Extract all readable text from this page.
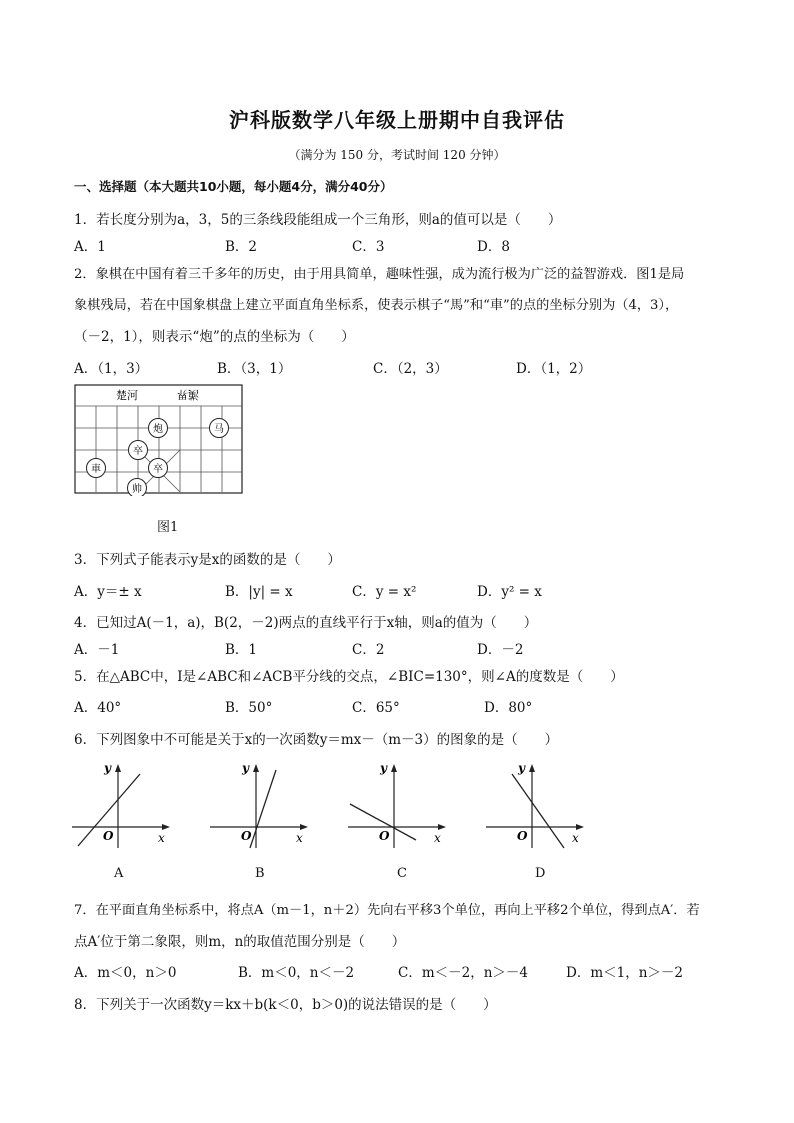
沪科版数学八年级上册期中自我评估
（满分为 150 分，考试时间 120 分钟）
一、选择题（本大题共10小题，每小题4分，满分40分）
1．若长度分别为a，3，5的三条线段能组成一个三角形，则a的值可以是（　　）
A．1	B．2	C．3	D．8
2．象棋在中国有着三千多年的历史，由于用具简单，趣味性强，成为流行极为广泛的益智游戏．图1是局
象棋残局，若在中国象棋盘上建立平面直角坐标系，使表示棋子“馬”和“車”的点的坐标分别为（4，3），
（－2，1），则表示“炮”的点的坐标为（　　）
A．（1，3）	B．（3，1）	C．（2，3）	D．（1，2）
楚河	漢界
炮	马
卒
車	卒
帅
图1
3．下列式子能表示y是x的函数的是（　　）
A．y＝± x	B．|y| = x	C．y = x²	D．y² = x
4．已知过A(－1，a)，B(2，－2)两点的直线平行于x轴，则a的值为（　　）
A．－1	B．1	C．2	D．－2
5．在△ABC中，I是∠ABC和∠ACB平分线的交点，∠BIC=130°，则∠A的度数是（　　）
A．40°	B．50°	C．65°	D．80°
6．下列图象中不可能是关于x的一次函数y＝mx－（m－3）的图象的是（　　）
y
x
O
A
y
x
O
B
y
x
O
C
y
x
O
D
7．在平面直角坐标系中，将点A（m－1，n＋2）先向右平移3个单位，再向上平移2个单位，得到点A′．若
点A′位于第二象限，则m，n的取值范围分别是（　　）
A．m＜0，n＞0	B．m＜0，n＜－2	C．m＜－2，n＞－4	D．m＜1，n＞－2
8．下列关于一次函数y＝kx＋b(k＜0，b＞0)的说法错误的是（　　）
